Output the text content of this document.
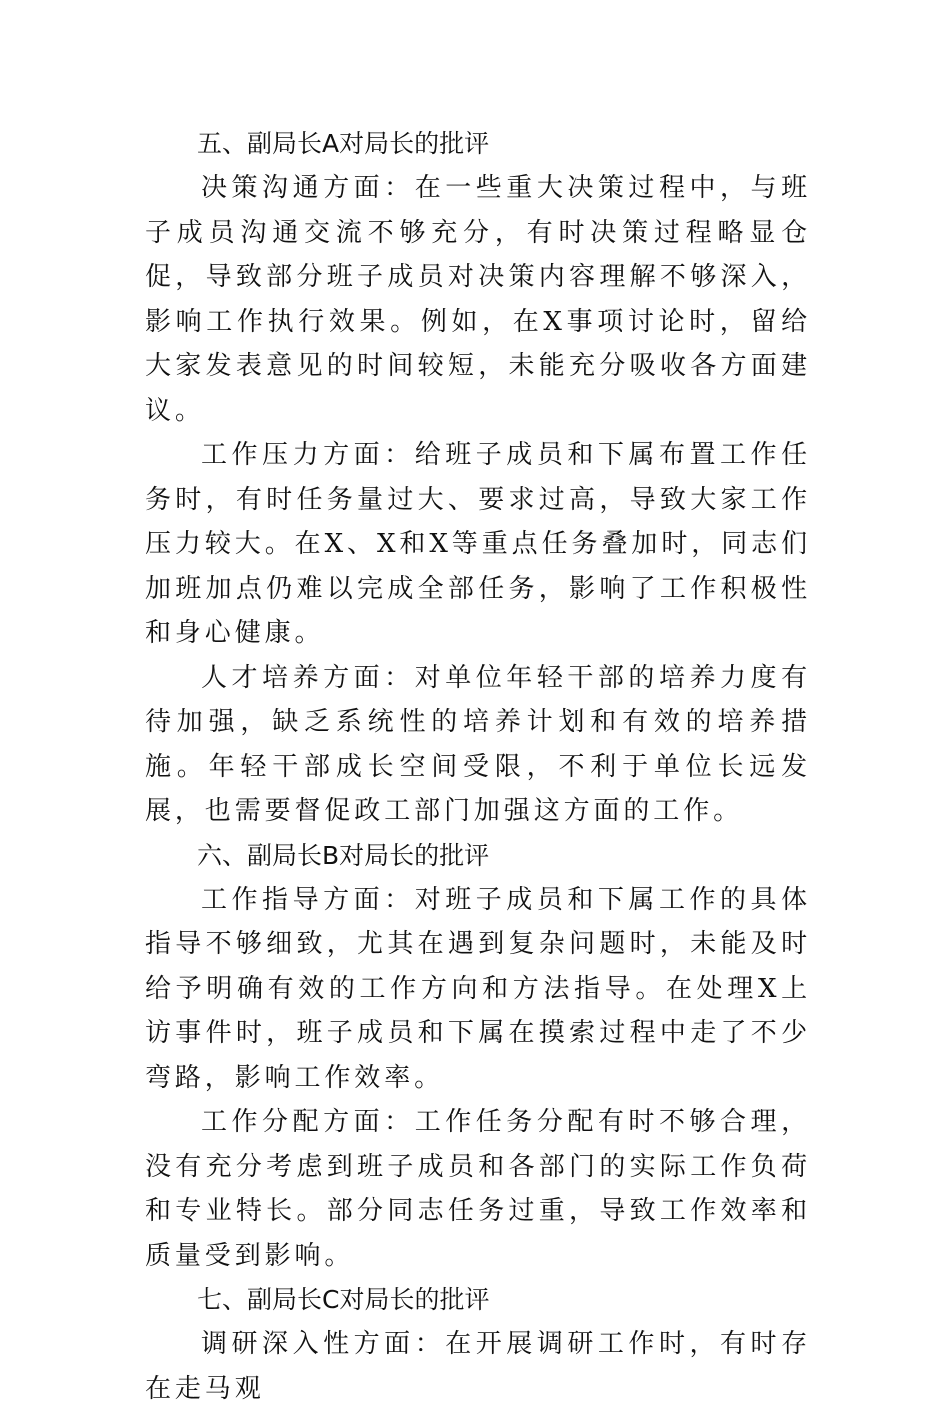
五、副局长A对局长的批评

决策沟通方面：在一些重大决策过程中，与班子成员沟通交流不够充分，有时决策过程略显仓促，导致部分班子成员对决策内容理解不够深入，影响工作执行效果。例如，在X事项讨论时，留给大家发表意见的时间较短，未能充分吸收各方面建议。

工作压力方面：给班子成员和下属布置工作任务时，有时任务量过大、要求过高，导致大家工作压力较大。在X、X和X等重点任务叠加时，同志们加班加点仍难以完成全部任务，影响了工作积极性和身心健康。

人才培养方面：对单位年轻干部的培养力度有待加强，缺乏系统性的培养计划和有效的培养措施。年轻干部成长空间受限，不利于单位长远发展，也需要督促政工部门加强这方面的工作。

六、副局长B对局长的批评

工作指导方面：对班子成员和下属工作的具体指导不够细致，尤其在遇到复杂问题时，未能及时给予明确有效的工作方向和方法指导。在处理X上访事件时，班子成员和下属在摸索过程中走了不少弯路，影响工作效率。

工作分配方面：工作任务分配有时不够合理，没有充分考虑到班子成员和各部门的实际工作负荷和专业特长。部分同志任务过重，导致工作效率和质量受到影响。

七、副局长C对局长的批评

调研深入性方面：在开展调研工作时，有时存在走马观
